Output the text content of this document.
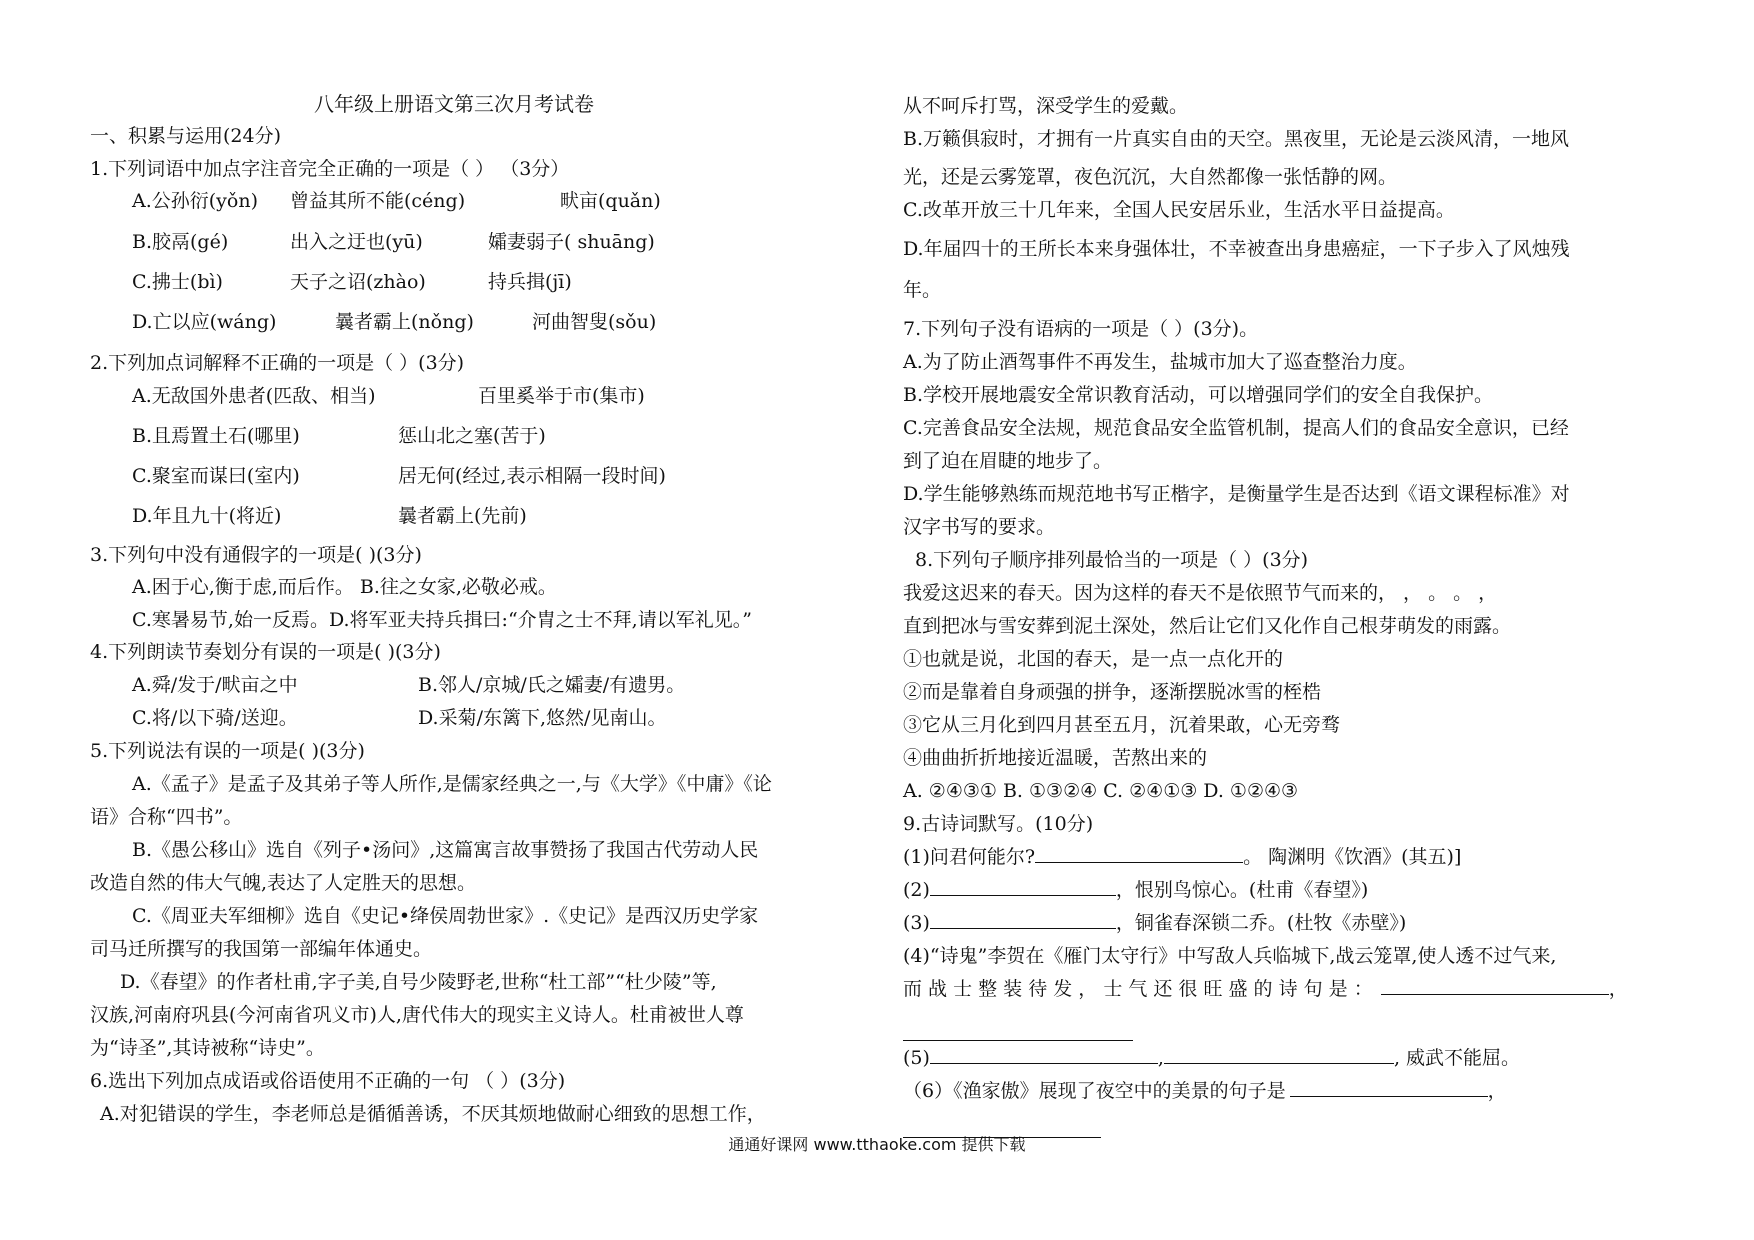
八年级上册语文第三次月考试卷
一、积累与运用(24分)
1.下列词语中加点字注音完全正确的一项是（ ） （3分）
A.公孙衍(yǒn) 曾益其所不能(céng)	畎亩(quǎn)
B.胶鬲(gé)	出入之迂也(yū)	孀妻弱子( shuāng)
C.拂士(bì)	天子之诏(zhào)	持兵揖(jī)
D.亡以应(wáng)	曩者霸上(nǒng)	河曲智叟(sǒu)
2.下列加点词解释不正确的一项是（ ）(3分)
A.无敌国外患者(匹敌、相当)	百里奚举于市(集市)
B.且焉置土石(哪里)	惩山北之塞(苦于)
C.聚室而谋曰(室内)	居无何(经过,表示相隔一段时间)
D.年且九十(将近)	曩者霸上(先前)
3.下列句中没有通假字的一项是( )(3分)
A.困于心,衡于虑,而后作。 B.往之女家,必敬必戒。
C.寒暑易节,始一反焉。D.将军亚夫持兵揖曰:“介胄之士不拜,请以军礼见。”
4.下列朗读节奏划分有误的一项是( )(3分)
A.舜/发于/畎亩之中	B.邻人/京城/氏之孀妻/有遗男。
C.将/以下骑/送迎。	D.采菊/东篱下,悠然/见南山。
5.下列说法有误的一项是( )(3分)
A.《孟子》是孟子及其弟子等人所作,是儒家经典之一,与《大学》《中庸》《论
语》合称“四书”。
B.《愚公移山》选自《列子•汤问》,这篇寓言故事赞扬了我国古代劳动人民
改造自然的伟大气魄,表达了人定胜天的思想。
C.《周亚夫军细柳》选自《史记•绛侯周勃世家》.《史记》是西汉历史学家
司马迁所撰写的我国第一部编年体通史。
D.《春望》的作者杜甫,字子美,自号少陵野老,世称“杜工部”“杜少陵”等,
汉族,河南府巩县(今河南省巩义市)人,唐代伟大的现实主义诗人。杜甫被世人尊
为“诗圣”,其诗被称“诗史”。
6.选出下列加点成语或俗语使用不正确的一句 （ ）(3分)
A.对犯错误的学生，李老师总是循循善诱，不厌其烦地做耐心细致的思想工作，
从不呵斥打骂，深受学生的爱戴。
B.万籁俱寂时，才拥有一片真实自由的天空。黑夜里，无论是云淡风清，一地风
光，还是云雾笼罩，夜色沉沉，大自然都像一张恬静的网。
C.改革开放三十几年来，全国人民安居乐业，生活水平日益提高。
D.年届四十的王所长本来身强体壮，不幸被查出身患癌症，一下子步入了风烛残
年。
7.下列句子没有语病的一项是（ ）(3分)。
A.为了防止酒驾事件不再发生，盐城市加大了巡查整治力度。
B.学校开展地震安全常识教育活动，可以增强同学们的安全自我保护。
C.完善食品安全法规，规范食品安全监管机制，提高人们的食品安全意识，已经
到了迫在眉睫的地步了。
D.学生能够熟练而规范地书写正楷字，是衡量学生是否达到《语文课程标准》对
汉字书写的要求。
8.下列句子顺序排列最恰当的一项是（ ）(3分)
我爱这迟来的春天。因为这样的春天不是依照节气而来的， ， 。 。 ，
直到把冰与雪安葬到泥土深处，然后让它们又化作自己根芽萌发的雨露。
①也就是说，北国的春天，是一点一点化开的
②而是靠着自身顽强的拼争，逐渐摆脱冰雪的桎梏
③它从三月化到四月甚至五月，沉着果敢，心无旁骛
④曲曲折折地接近温暖，苦熬出来的
A. ②④③① B. ①③②④ C. ②④①③ D. ①②④③
9.古诗词默写。(10分)
(1)问君何能尔?	。 陶渊明《饮酒》(其五)]
(2)	，恨别鸟惊心。(杜甫《春望》)
(3)	，铜雀春深锁二乔。(杜牧《赤壁》)
(4)“诗鬼”李贺在《雁门太守行》中写敌人兵临城下,战云笼罩,使人透不过气来,
而 战 士 整 装 待 发 ， 士 气 还 很 旺 盛 的 诗 句 是 ：	，
(5)	,	, 威武不能屈。
（6）《渔家傲》展现了夜空中的美景的句子是	，
通通好课网 www.tthaoke.com 提供下载
